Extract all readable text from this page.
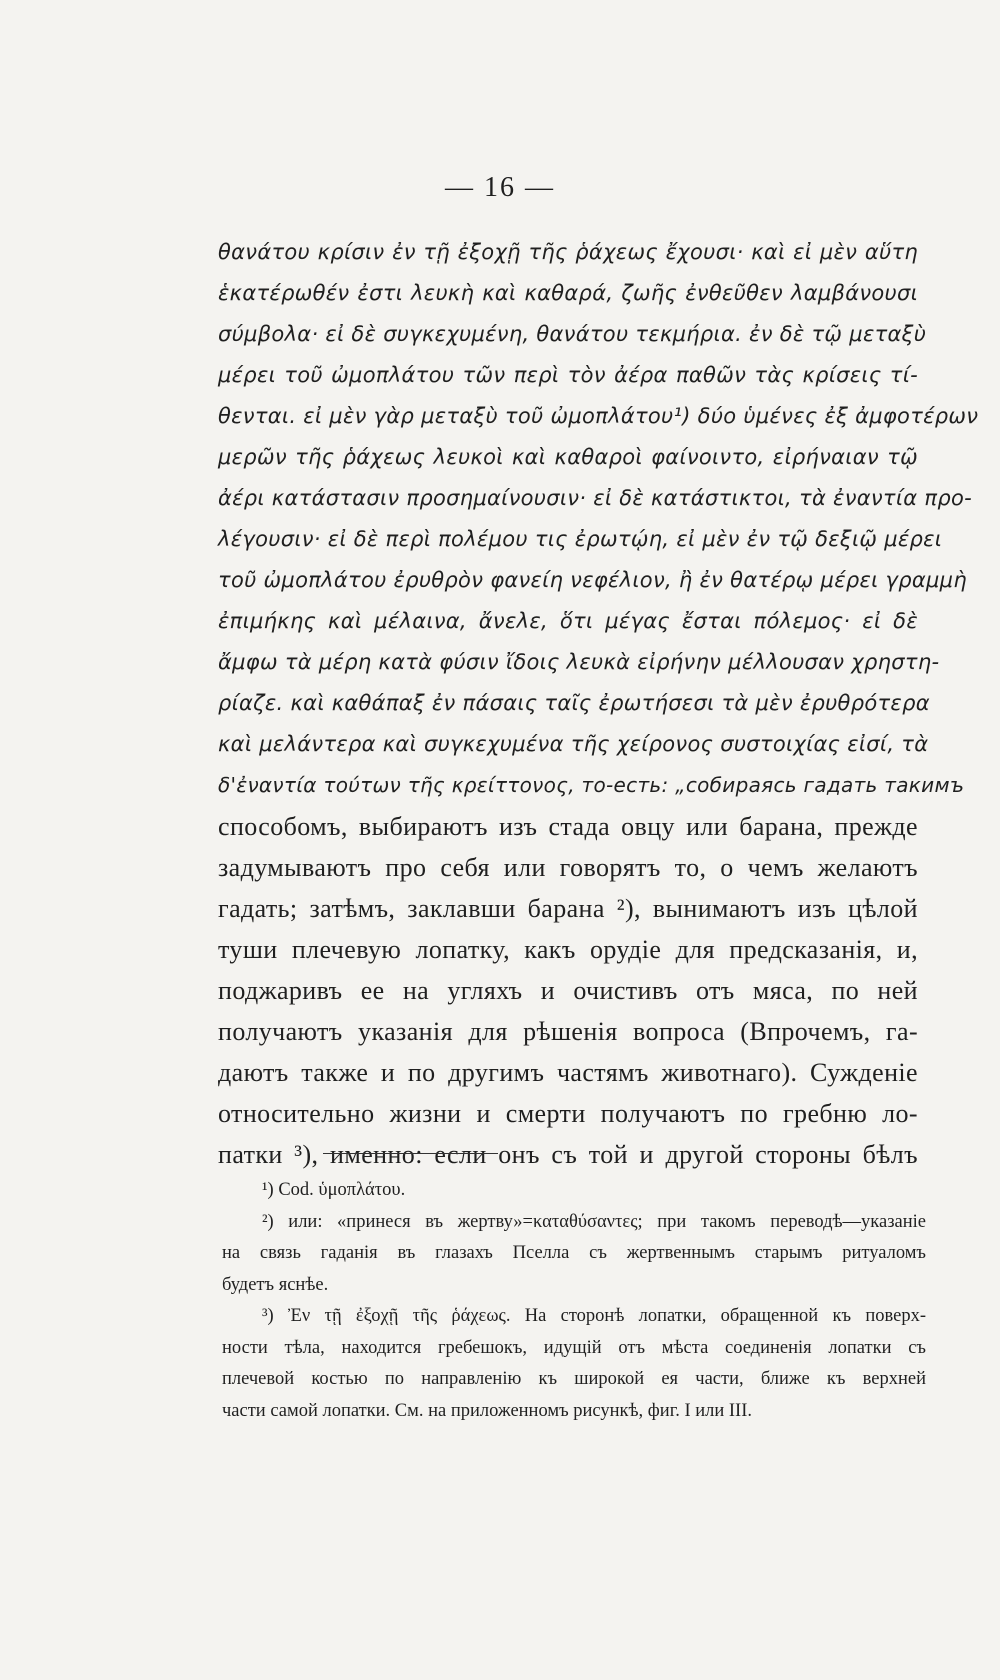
— 16 —
θανάτου κρίσιν ἐν τῇ ἐξοχῇ τῆς ῥάχεως ἔχουσι· καὶ εἰ μὲν αὕτη
ἑκατέρωθέν ἐστι λευκὴ καὶ καθαρά, ζωῆς ἐνθεῦθεν λαμβάνουσι
σύμβολα· εἰ δὲ συγκεχυμένη, θανάτου τεκμήρια. ἐν δὲ τῷ μεταξὺ
μέρει τοῦ ὠμοπλάτου τῶν περὶ τὸν ἀέρα παθῶν τὰς κρίσεις τί-
θενται. εἰ μὲν γὰρ μεταξὺ τοῦ ὠμοπλάτου¹) δύο ὑμένες ἐξ ἀμφοτέρων
μερῶν τῆς ῥάχεως λευκοὶ καὶ καθαροὶ φαίνοιντο, εἰρήναιαν τῷ
ἀέρι κατάστασιν προσημαίνουσιν· εἰ δὲ κατάστικτοι, τὰ ἐναντία προ-
λέγουσιν· εἰ δὲ περὶ πολέμου τις ἐρωτῴη, εἰ μὲν ἐν τῷ δεξιῷ μέρει
τοῦ ὠμοπλάτου ἐρυθρὸν φανείη νεφέλιον, ἢ ἐν θατέρῳ μέρει γραμμὴ
ἐπιμήκης καὶ μέλαινα, ἄνελε, ὅτι μέγας ἔσται πόλεμος· εἰ δὲ
ἄμφω τὰ μέρη κατὰ φύσιν ἴδοις λευκὰ εἰρήνην μέλλουσαν χρηστη-
ρίαζε. καὶ καθάπαξ ἐν πάσαις ταῖς ἐρωτήσεσι τὰ μὲν ἐρυθρότερα
καὶ μελάντερα καὶ συγκεχυμένα τῆς χείρονος συστοιχίας εἰσί, τὰ
δ'ἐναντία τούτων τῆς κρείττονος, то-есть: „собираясь гадать такимъ
способомъ, выбираютъ изъ стада овцу или барана, прежде
задумываютъ про себя или говорятъ то, о чемъ желаютъ
гадать; затѣмъ, заклавши барана ²), вынимаютъ изъ цѣлой
туши плечевую лопатку, какъ орудіе для предсказанія, и,
поджаривъ ее на угляхъ и очистивъ отъ мяса, по ней
получаютъ указанія для рѣшенія вопроса (Впрочемъ, га-
даютъ также и по другимъ частямъ животнаго). Сужденіе
относительно жизни и смерти получаютъ по гребню ло-
патки ³), именно: если онъ съ той и другой стороны бѣлъ
¹) Cod. ὑμοπλάτου.
²) или: «принеся въ жертву»=καταθύσαντες; при такомъ переводѣ—указаніе
на связь гаданія въ глазахъ Пселла съ жертвеннымъ старымъ ритуаломъ
будетъ яснѣе.
³) Ἐν τῇ ἐξοχῇ τῆς ῥάχεως. На сторонѣ лопатки, обращенной къ поверх-
ности тѣла, находится гребешокъ, идущій отъ мѣста соединенія лопатки съ
плечевой костью по направленію къ широкой ея части, ближе къ верхней
части самой лопатки. См. на приложенномъ рисункѣ, фиг. I или III.
